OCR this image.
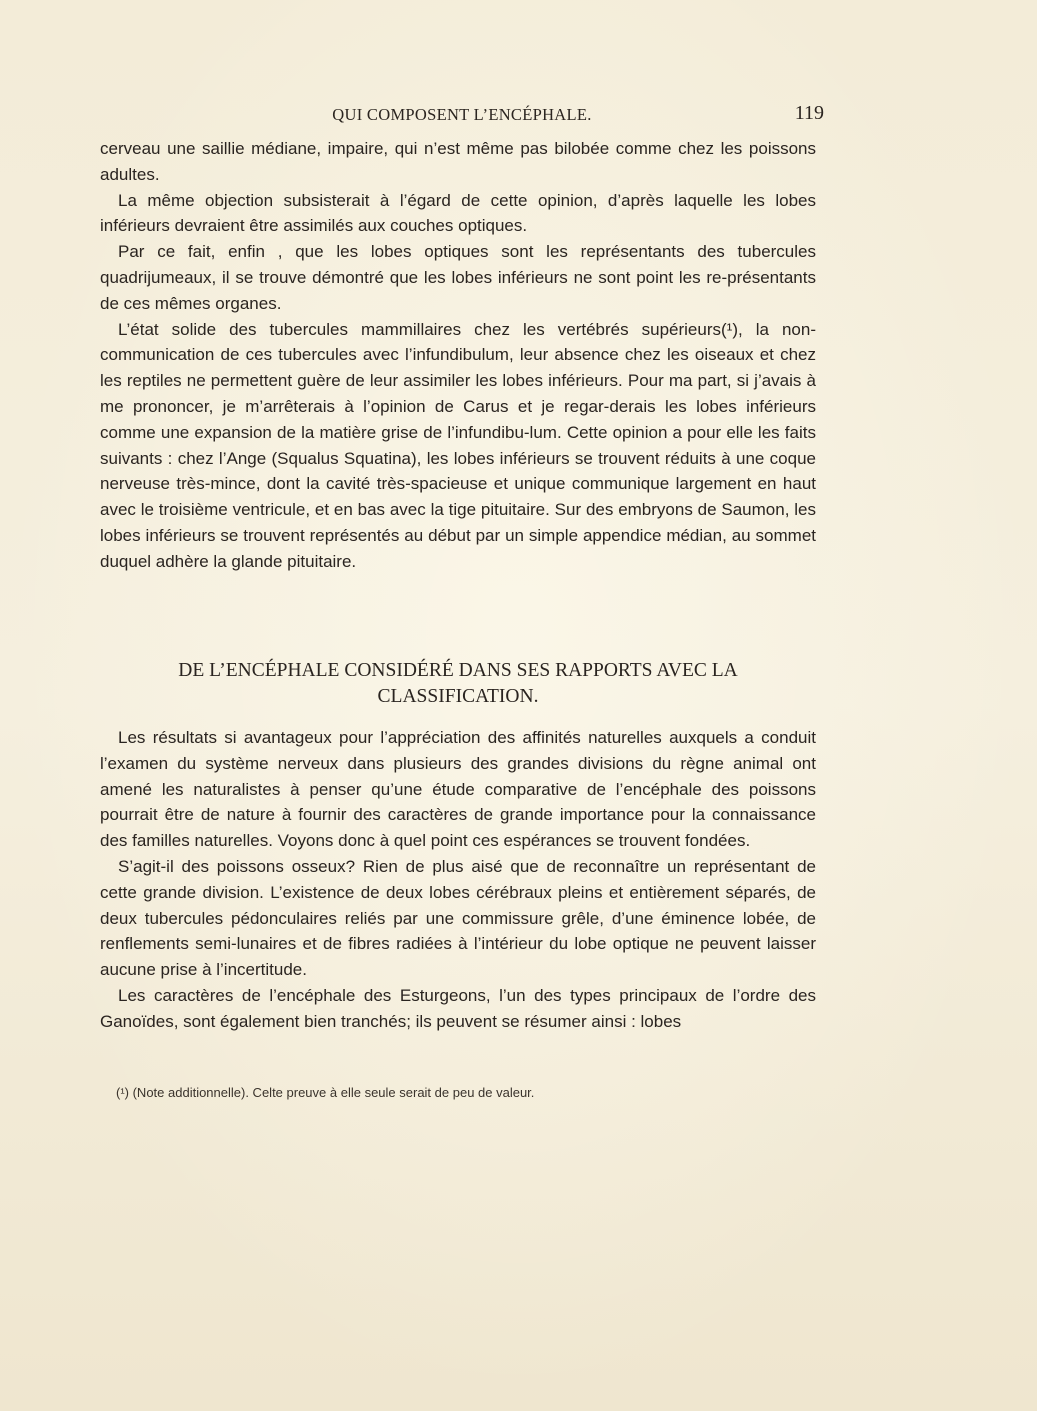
QUI COMPOSENT L’ENCÉPHALE.	119

cerveau une saillie médiane, impaire, qui n’est même pas bilobée comme chez les poissons adultes.

La même objection subsisterait à l’égard de cette opinion, d’après laquelle les lobes inférieurs devraient être assimilés aux couches optiques.

Par ce fait, enfin , que les lobes optiques sont les représentants des tubercules quadrijumeaux, il se trouve démontré que les lobes inférieurs ne sont point les re-présentants de ces mêmes organes.

L’état solide des tubercules mammillaires chez les vertébrés supérieurs(¹), la non-communication de ces tubercules avec l’infundibulum, leur absence chez les oiseaux et chez les reptiles ne permettent guère de leur assimiler les lobes inférieurs. Pour ma part, si j’avais à me prononcer, je m’arrêterais à l’opinion de Carus et je regar-derais les lobes inférieurs comme une expansion de la matière grise de l’infundibu-lum. Cette opinion a pour elle les faits suivants : chez l’Ange (Squalus Squatina), les lobes inférieurs se trouvent réduits à une coque nerveuse très-mince, dont la cavité très-spacieuse et unique communique largement en haut avec le troisième ventricule, et en bas avec la tige pituitaire. Sur des embryons de Saumon, les lobes inférieurs se trouvent représentés au début par un simple appendice médian, au sommet duquel adhère la glande pituitaire.

DE L’ENCÉPHALE CONSIDÉRÉ DANS SES RAPPORTS AVEC LA CLASSIFICATION.

Les résultats si avantageux pour l’appréciation des affinités naturelles auxquels a conduit l’examen du système nerveux dans plusieurs des grandes divisions du règne animal ont amené les naturalistes à penser qu’une étude comparative de l’encéphale des poissons pourrait être de nature à fournir des caractères de grande importance pour la connaissance des familles naturelles. Voyons donc à quel point ces espérances se trouvent fondées.

S’agit-il des poissons osseux? Rien de plus aisé que de reconnaître un représentant de cette grande division. L’existence de deux lobes cérébraux pleins et entièrement séparés, de deux tubercules pédonculaires reliés par une commissure grêle, d’une éminence lobée, de renflements semi-lunaires et de fibres radiées à l’intérieur du lobe optique ne peuvent laisser aucune prise à l’incertitude.

Les caractères de l’encéphale des Esturgeons, l’un des types principaux de l’ordre des Ganoïdes, sont également bien tranchés; ils peuvent se résumer ainsi : lobes

(¹) (Note additionnelle). Celte preuve à elle seule serait de peu de valeur.
